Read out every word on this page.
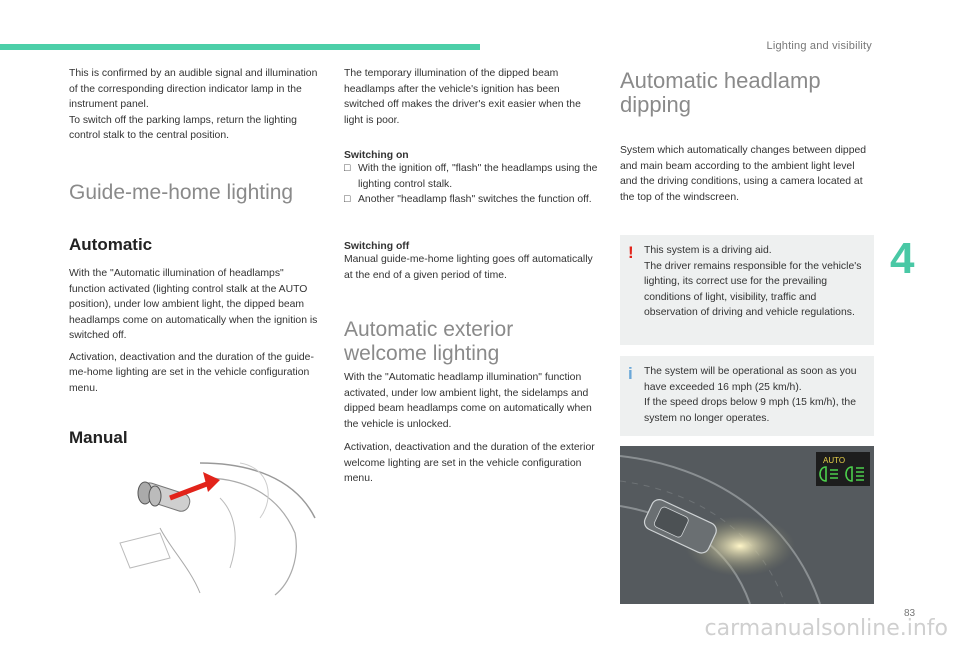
Lighting and visibility
4
83

This is confirmed by an audible signal and illumination of the corresponding direction indicator lamp in the instrument panel.

To switch off the parking lamps, return the lighting control stalk to the central position.

Guide-me-home lighting
Automatic

With the "Automatic illumination of headlamps" function activated (lighting control stalk at the AUTO position), under low ambient light, the dipped beam headlamps come on automatically when the ignition is switched off.

Activation, deactivation and the duration of the guide-me-home lighting are set in the vehicle configuration menu.

Manual

The temporary illumination of the dipped beam headlamps after the vehicle's ignition has been switched off makes the driver's exit easier when the light is poor.

Switching on
□ With the ignition off, "flash" the headlamps using the lighting control stalk.
□ Another "headlamp flash" switches the function off.
Switching off

Manual guide-me-home lighting goes off automatically at the end of a given period of time.

Automatic exterior
welcome lighting

With the "Automatic headlamp illumination" function activated, under low ambient light, the sidelamps and dipped beam headlamps come on automatically when the vehicle is unlocked.

Activation, deactivation and the duration of the exterior welcome lighting are set in the vehicle configuration menu.

Automatic headlamp
dipping

System which automatically changes between dipped and main beam according to the ambient light level and the driving conditions, using a camera located at the top of the windscreen.

! This system is a driving aid.

The driver remains responsible for the vehicle's lighting, its correct use for the prevailing conditions of light, visibility, traffic and observation of driving and vehicle regulations.

i	The system will be operational as soon as you have exceeded 16 mph (25 km/h).

If the speed drops below 9 mph (15 km/h), the system no longer operates.

AUTO
carmanualsonline.info
